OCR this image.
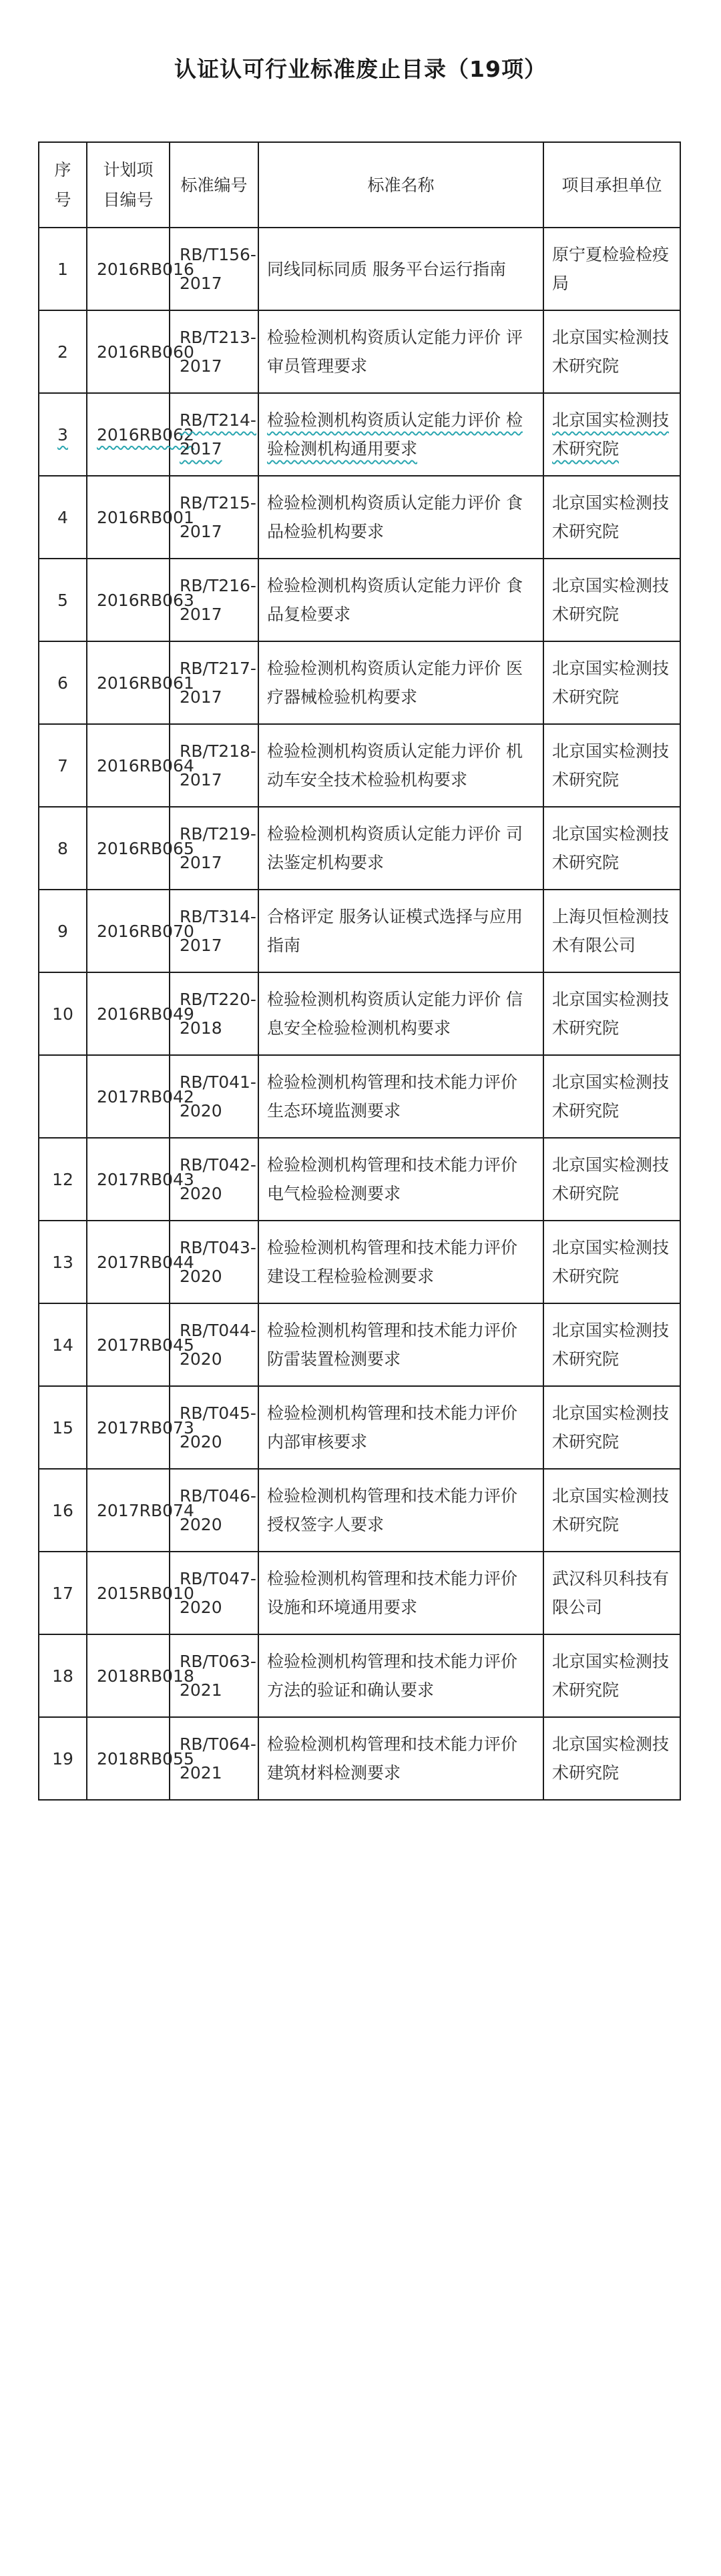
认证认可行业标准废止目录（19项）
序号	计划项目编号	标准编号	标准名称	项目承担单位
1	2016RB016	RB/T156-2017	同线同标同质 服务平台运行指南	原宁夏检验检疫局
2	2016RB060	RB/T213-2017	检验检测机构资质认定能力评价 评审员管理要求	北京国实检测技术研究院
3	2016RB062	RB/T214-2017	检验检测机构资质认定能力评价 检验检测机构通用要求	北京国实检测技术研究院
4	2016RB001	RB/T215-2017	检验检测机构资质认定能力评价 食品检验机构要求	北京国实检测技术研究院
5	2016RB063	RB/T216-2017	检验检测机构资质认定能力评价 食品复检要求	北京国实检测技术研究院
6	2016RB061	RB/T217-2017	检验检测机构资质认定能力评价 医疗器械检验机构要求	北京国实检测技术研究院
7	2016RB064	RB/T218-2017	检验检测机构资质认定能力评价 机动车安全技术检验机构要求	北京国实检测技术研究院
8	2016RB065	RB/T219-2017	检验检测机构资质认定能力评价 司法鉴定机构要求	北京国实检测技术研究院
9	2016RB070	RB/T314-2017	合格评定 服务认证模式选择与应用指南	上海贝恒检测技术有限公司
10	2016RB049	RB/T220-2018	检验检测机构资质认定能力评价 信息安全检验检测机构要求	北京国实检测技术研究院
	2017RB042	RB/T041-2020	检验检测机构管理和技术能力评价 生态环境监测要求	北京国实检测技术研究院
12	2017RB043	RB/T042-2020	检验检测机构管理和技术能力评价 电气检验检测要求	北京国实检测技术研究院
13	2017RB044	RB/T043-2020	检验检测机构管理和技术能力评价 建设工程检验检测要求	北京国实检测技术研究院
14	2017RB045	RB/T044-2020	检验检测机构管理和技术能力评价 防雷装置检测要求	北京国实检测技术研究院
15	2017RB073	RB/T045-2020	检验检测机构管理和技术能力评价 内部审核要求	北京国实检测技术研究院
16	2017RB074	RB/T046-2020	检验检测机构管理和技术能力评价 授权签字人要求	北京国实检测技术研究院
17	2015RB010	RB/T047-2020	检验检测机构管理和技术能力评价 设施和环境通用要求	武汉科贝科技有限公司
18	2018RB018	RB/T063-2021	检验检测机构管理和技术能力评价 方法的验证和确认要求	北京国实检测技术研究院
19	2018RB055	RB/T064-2021	检验检测机构管理和技术能力评价 建筑材料检测要求	北京国实检测技术研究院
